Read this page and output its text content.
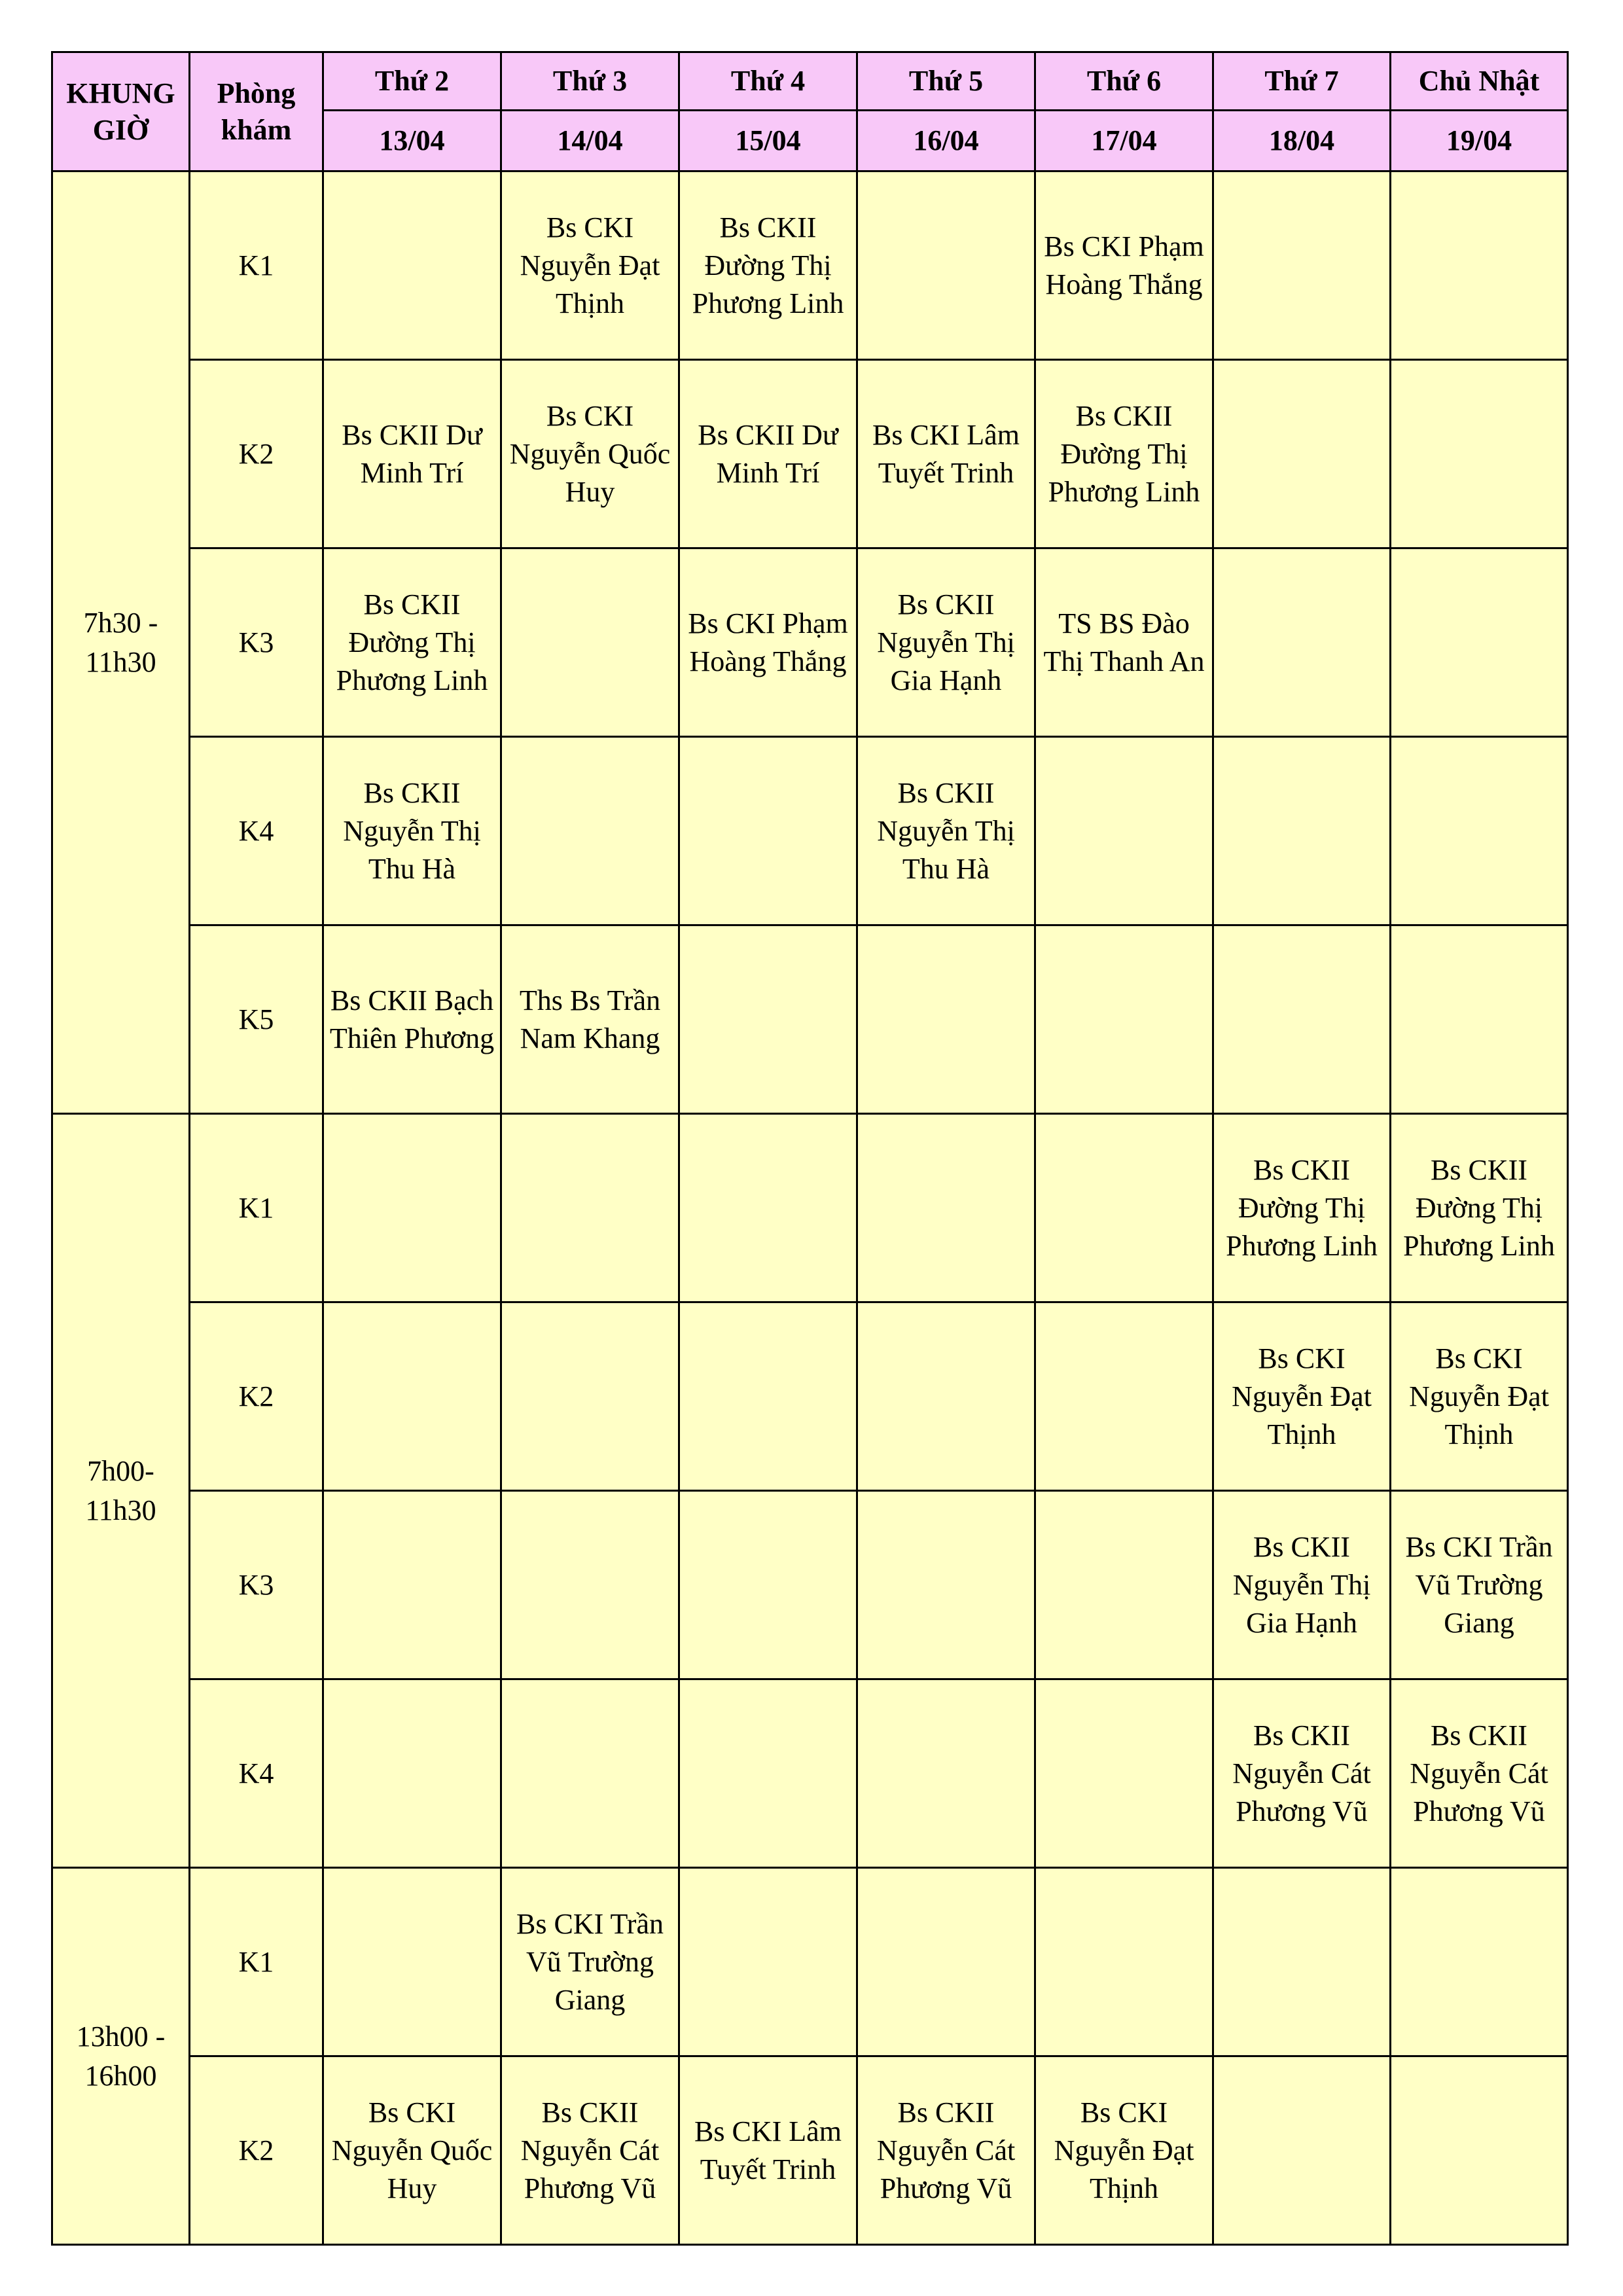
KHUNG GIỜ	Phòng khám	Thứ 2	Thứ 3	Thứ 4	Thứ 5	Thứ 6	Thứ 7	Chủ Nhật
		13/04	14/04	15/04	16/04	17/04	18/04	19/04
7h30 - 11h30	K1		Bs CKI Nguyễn Đạt Thịnh	Bs CKII Đường Thị Phương Linh		Bs CKI Phạm Hoàng Thắng		
	K2	Bs CKII Dư Minh Trí	Bs CKI Nguyễn Quốc Huy	Bs CKII Dư Minh Trí	Bs CKI Lâm Tuyết Trinh	Bs CKII Đường Thị Phương Linh		
	K3	Bs CKII Đường Thị Phương Linh		Bs CKI Phạm Hoàng Thắng	Bs CKII Nguyễn Thị Gia Hạnh	TS BS Đào Thị Thanh An		
	K4	Bs CKII Nguyễn Thị Thu Hà			Bs CKII Nguyễn Thị Thu Hà			
	K5	Bs CKII Bạch Thiên Phương	Ths Bs Trần Nam Khang					
7h00- 11h30	K1						Bs CKII Đường Thị Phương Linh	Bs CKII Đường Thị Phương Linh
	K2						Bs CKI Nguyễn Đạt Thịnh	Bs CKI Nguyễn Đạt Thịnh
	K3						Bs CKII Nguyễn Thị Gia Hạnh	Bs CKI Trần Vũ Trường Giang
	K4						Bs CKII Nguyễn Cát Phương Vũ	Bs CKII Nguyễn Cát Phương Vũ
13h00 - 16h00	K1		Bs CKI Trần Vũ Trường Giang					
	K2	Bs CKI Nguyễn Quốc Huy	Bs CKII Nguyễn Cát Phương Vũ	Bs CKI Lâm Tuyết Trinh	Bs CKII Nguyễn Cát Phương Vũ	Bs CKI Nguyễn Đạt Thịnh		
